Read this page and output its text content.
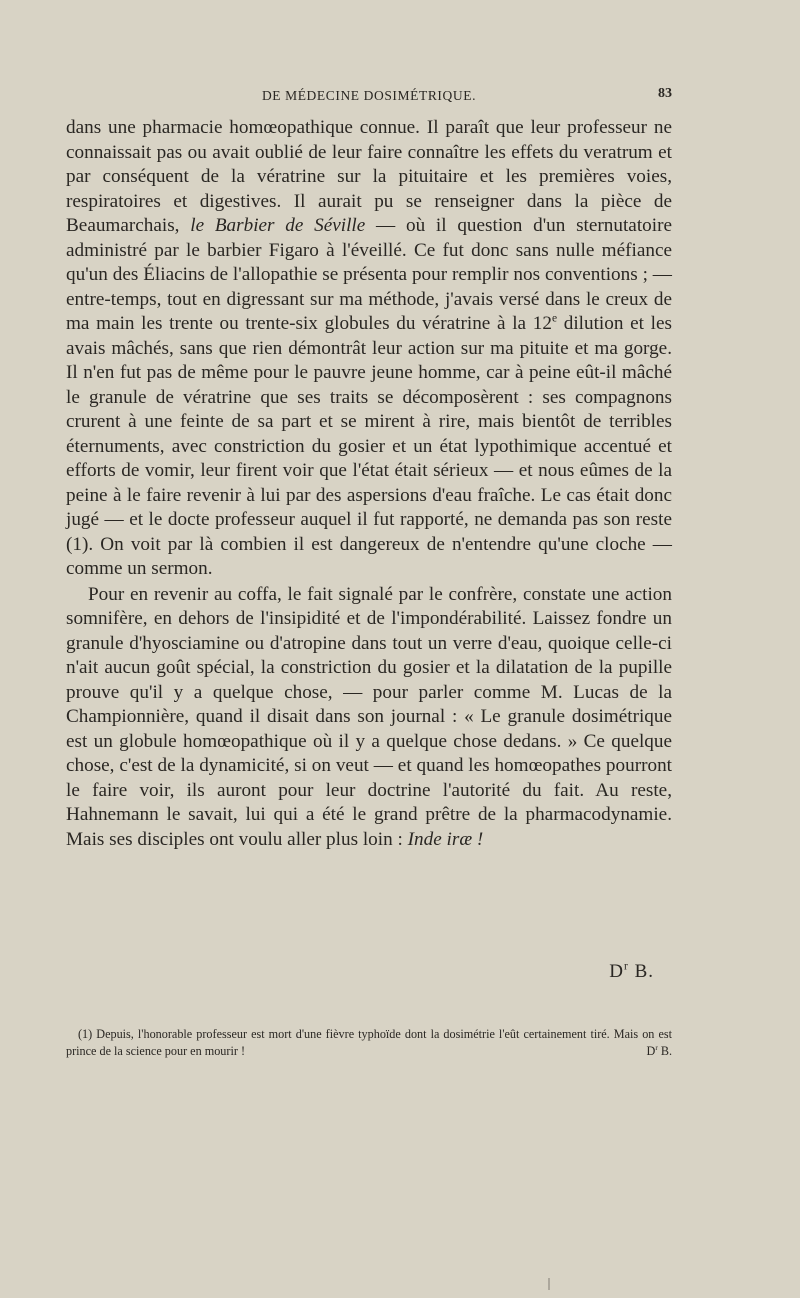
DE MÉDECINE DOSIMÉTRIQUE.	83

dans une pharmacie homœopathique connue. Il paraît que leur professeur ne connaissait pas ou avait oublié de leur faire connaître les effets du veratrum et par conséquent de la vératrine sur la pituitaire et les premières voies, respiratoires et digestives. Il aurait pu se renseigner dans la pièce de Beaumarchais, le Barbier de Séville — où il question d'un sternutatoire administré par le barbier Figaro à l'éveillé. Ce fut donc sans nulle méfiance qu'un des Éliacins de l'allopathie se présenta pour remplir nos conventions ; — entre-temps, tout en digressant sur ma méthode, j'avais versé dans le creux de ma main les trente ou trente-six globules du vératrine à la 12e dilution et les avais mâchés, sans que rien démontrât leur action sur ma pituite et ma gorge. Il n'en fut pas de même pour le pauvre jeune homme, car à peine eût-il mâché le granule de vératrine que ses traits se décomposèrent : ses compagnons crurent à une feinte de sa part et se mirent à rire, mais bientôt de terribles éternuments, avec constriction du gosier et un état lypothimique accentué et efforts de vomir, leur firent voir que l'état était sérieux — et nous eûmes de la peine à le faire revenir à lui par des aspersions d'eau fraîche. Le cas était donc jugé — et le docte professeur auquel il fut rapporté, ne demanda pas son reste (1). On voit par là combien il est dangereux de n'entendre qu'une cloche — comme un sermon.

Pour en revenir au coffa, le fait signalé par le confrère, constate une action somnifère, en dehors de l'insipidité et de l'impondérabilité. Laissez fondre un granule d'hyosciamine ou d'atropine dans tout un verre d'eau, quoique celle-ci n'ait aucun goût spécial, la constriction du gosier et la dilatation de la pupille prouve qu'il y a quelque chose, — pour parler comme M. Lucas de la Championnière, quand il disait dans son journal : « Le granule dosimétrique est un globule homœopathique où il y a quelque chose dedans. » Ce quelque chose, c'est de la dynamicité, si on veut — et quand les homœopathes pourront le faire voir, ils auront pour leur doctrine l'autorité du fait. Au reste, Hahnemann le savait, lui qui a été le grand prêtre de la pharmacodynamie. Mais ses disciples ont voulu aller plus loin : Inde iræ !

$D^r$ B.

(1) Depuis, l'honorable professeur est mort d'une fièvre typhoïde dont la dosimétrie l'eût certainement tiré. Mais on est prince de la science pour en mourir !	$D^r$ B.
